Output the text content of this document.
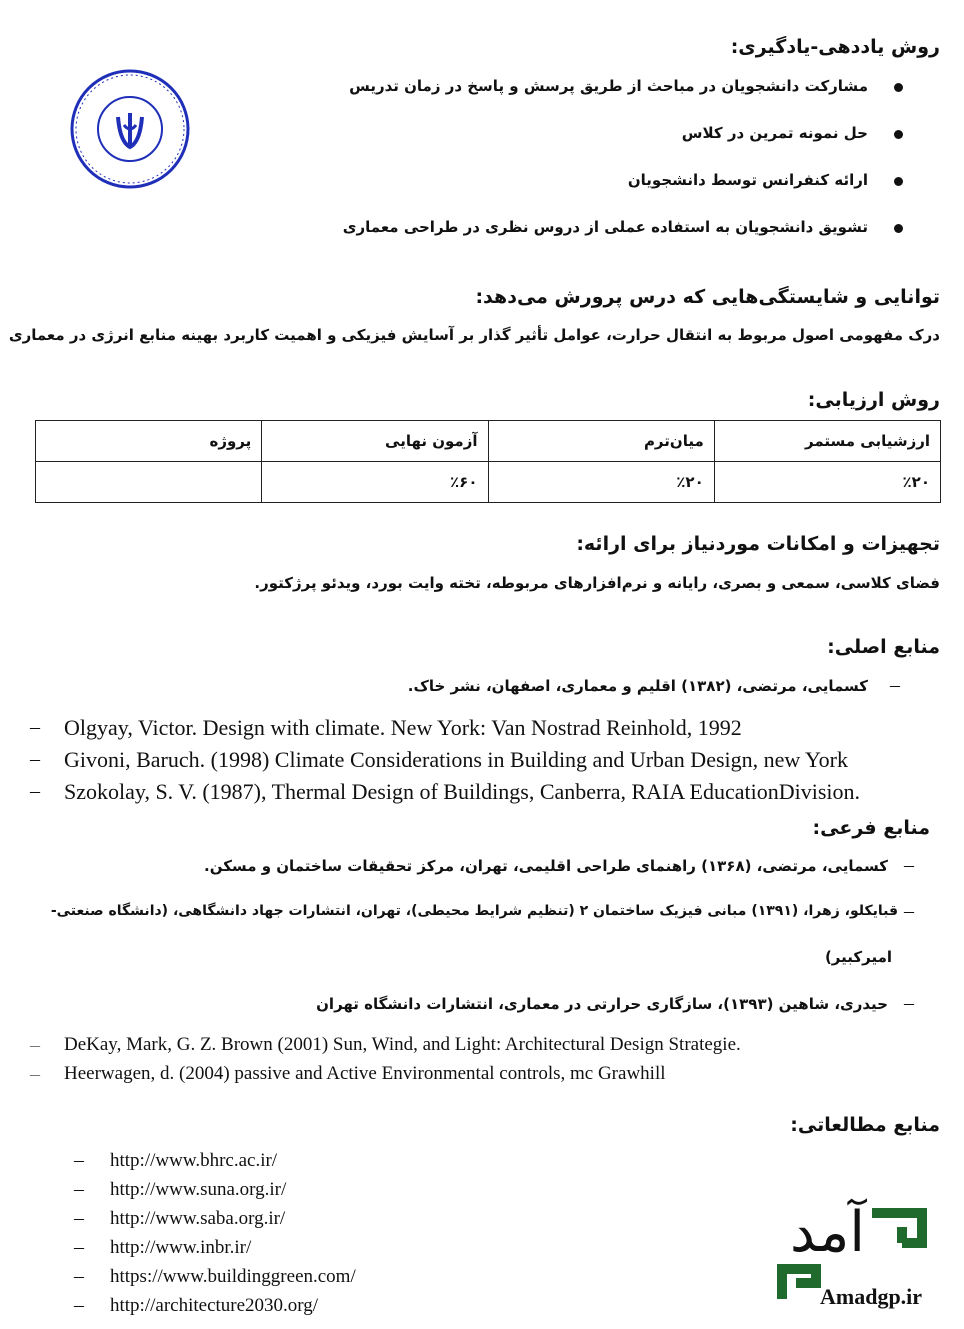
روش یاددهی-یادگیری:
مشارکت دانشجویان در مباحث از طریق پرسش و پاسخ در زمان تدریس
حل نمونه تمرین در کلاس
ارائه کنفرانس توسط دانشجویان
تشویق دانشجویان به استفاده عملی از دروس نظری در طراحی معماری
توانایی و شایستگی‌هایی که درس پرورش می‌دهد:
درک مفهومی اصول مربوط به انتقال حرارت، عوامل تأثیر گذار بر آسایش فیزیکی و اهمیت کاربرد بهینه منابع انرژی در معماری
روش ارزیابی:
ارزشیابی مستمر	میان‌ترم	آزمون نهایی	پروژه
٪۲۰	٪۲۰	٪۶۰	
تجهیزات و امکانات موردنیاز برای ارائه:
فضای کلاسی، سمعی و بصری، رایانه و نرم‌افزارهای مربوطه، تخته وایت بورد، ویدئو پرژکتور.
منابع اصلی:
–
کسمایی، مرتضی، (۱۳۸۲) اقلیم و معماری، اصفهان، نشر خاک.
– Olgyay, Victor. Design with climate. New York: Van Nostrad Reinhold, 1992
– Givoni, Baruch. (1998) Climate Considerations in Building and Urban Design, new York
– Szokolay, S. V. (1987), Thermal Design of Buildings, Canberra, RAIA EducationDivision.
منابع فرعی:
–
کسمایی، مرتضی، (۱۳۶۸) راهنمای طراحی اقلیمی، تهران، مرکز تحقیقات ساختمان و مسکن.
–
قبایکلو، زهرا، (۱۳۹۱) مبانی فیزیک ساختمان ۲ (تنظیم شرایط محیطی)، تهران، انتشارات جهاد دانشگاهی، (دانشگاه صنعتی-
امیرکبیر)
–
حیدری، شاهین (۱۳۹۳)، سازگاری حرارتی در معماری، انتشارات دانشگاه تهران
– DeKay, Mark, G. Z. Brown (2001) Sun, Wind, and Light: Architectural Design Strategie.
– Heerwagen, d. (2004) passive and Active Environmental controls, mc Grawhill
منابع مطالعاتی:
– http://www.bhrc.ac.ir/
– http://www.suna.org.ir/
– http://www.saba.org.ir/
– http://www.inbr.ir/
– https://www.buildinggreen.com/
– http://architecture2030.org/
آمد
Amadgp.ir
